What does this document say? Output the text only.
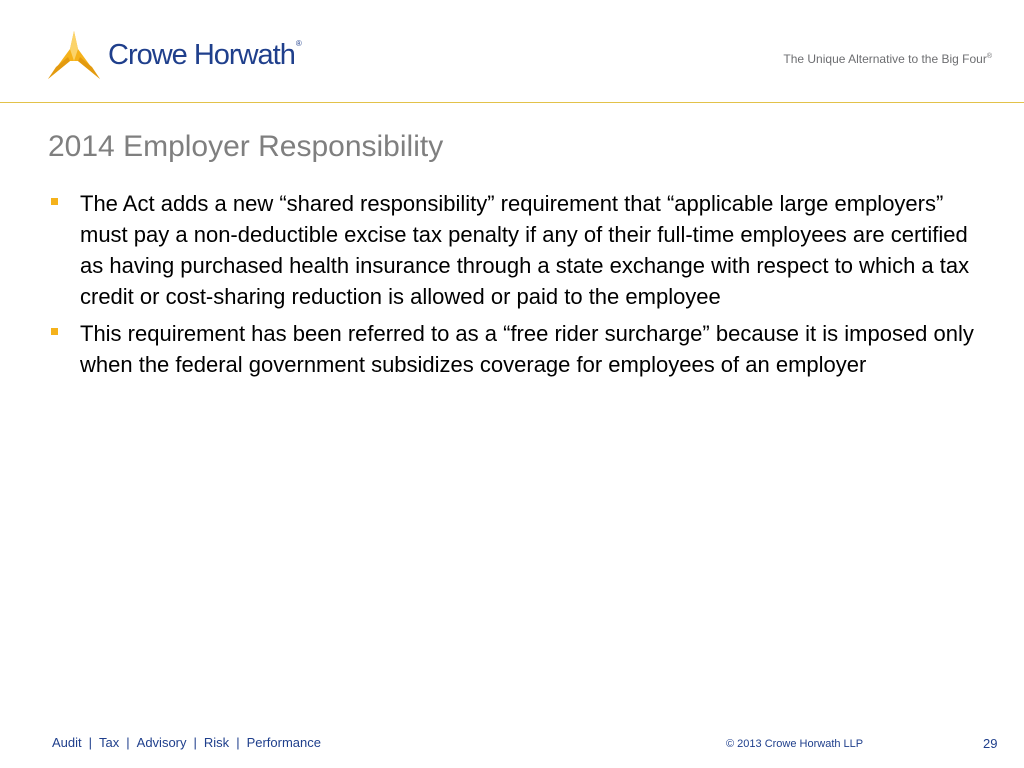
Crowe Horwath®
The Unique Alternative to the Big Four®
2014 Employer Responsibility
The Act adds a new “shared responsibility” requirement that “applicable large employers” must pay a non-deductible excise tax penalty if any of their full-time employees are certified as having purchased health insurance through a state exchange with respect to which a tax credit or cost-sharing reduction is allowed or paid to the employee
This requirement has been referred to as a “free rider surcharge” because it is imposed only when the federal government subsidizes coverage for employees of an employer
Audit | Tax | Advisory | Risk | Performance	© 2013 Crowe Horwath LLP	29
